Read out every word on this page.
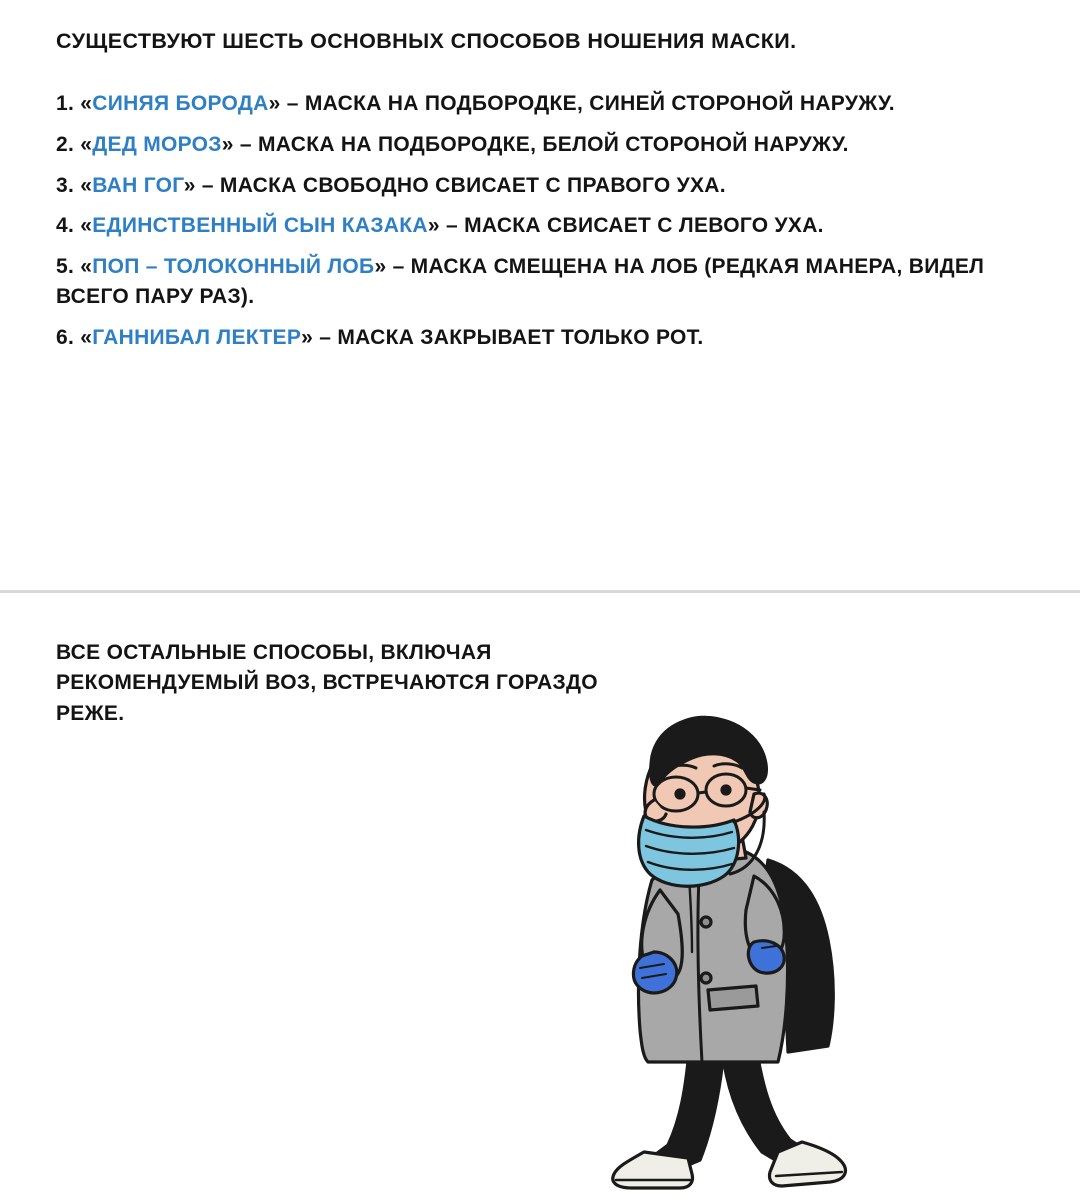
СУЩЕСТВУЮТ ШЕСТЬ ОСНОВНЫХ СПОСОБОВ НОШЕНИЯ МАСКИ.
1. «СИНЯЯ БОРОДА» – МАСКА НА ПОДБОРОДКЕ, СИНЕЙ СТОРОНОЙ НАРУЖУ.
2. «ДЕД МОРОЗ» – МАСКА НА ПОДБОРОДКЕ, БЕЛОЙ СТОРОНОЙ НАРУЖУ.
3. «ВАН ГОГ» – МАСКА СВОБОДНО СВИСАЕТ С ПРАВОГО УХА.
4. «ЕДИНСТВЕННЫЙ СЫН КАЗАКА» – МАСКА СВИСАЕТ С ЛЕВОГО УХА.
5. «ПОП – ТОЛОКОННЫЙ ЛОБ» – МАСКА СМЕЩЕНА НА ЛОБ (РЕДКАЯ МАНЕРА, ВИДЕЛ ВСЕГО ПАРУ РАЗ).
6. «ГАННИБАЛ ЛЕКТЕР» – МАСКА ЗАКРЫВАЕТ ТОЛЬКО РОТ.

ВСЕ ОСТАЛЬНЫЕ СПОСОБЫ, ВКЛЮЧАЯ РЕКОМЕНДУЕМЫЙ ВОЗ, ВСТРЕЧАЮТСЯ ГОРАЗДО РЕЖЕ.
